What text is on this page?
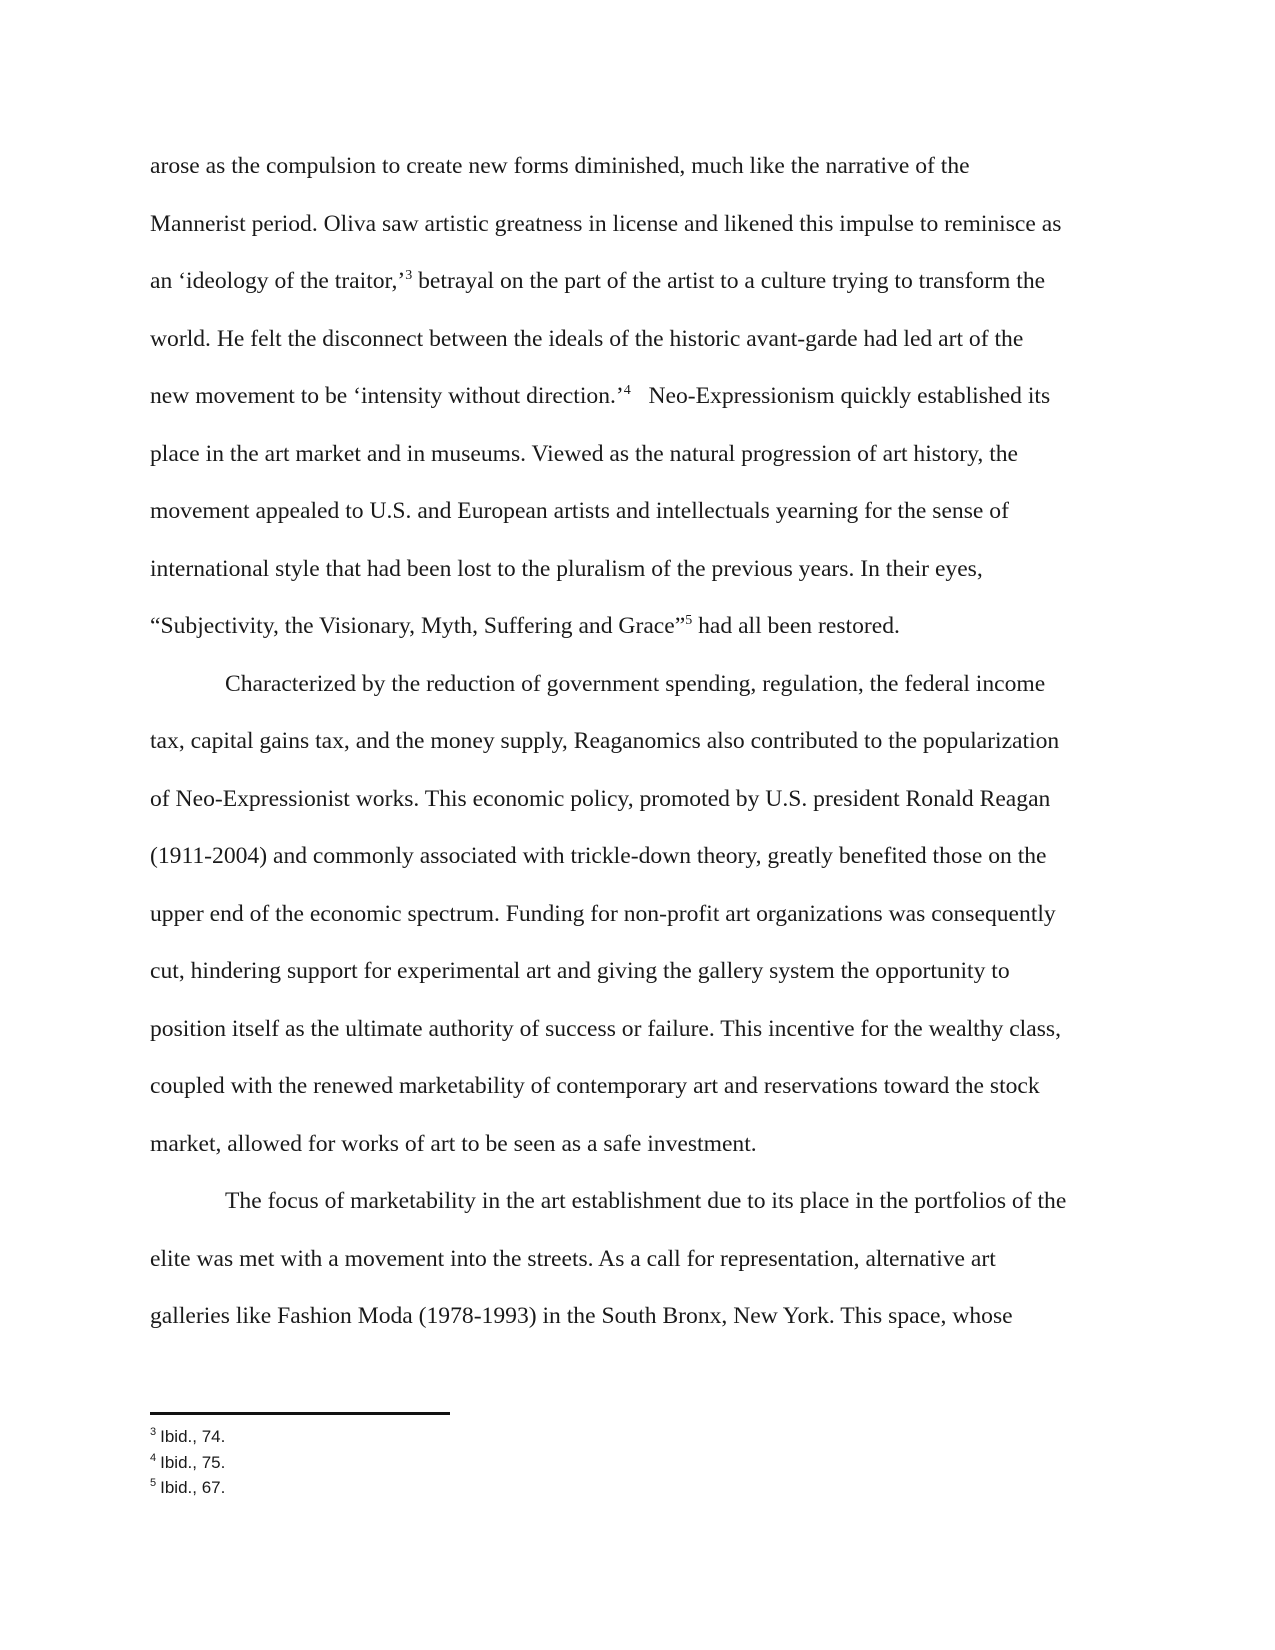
arose as the compulsion to create new forms diminished, much like the narrative of the
Mannerist period. Oliva saw artistic greatness in license and likened this impulse to reminisce as
an ‘ideology of the traitor,’$^3$ betrayal on the part of the artist to a culture trying to transform the
world. He felt the disconnect between the ideals of the historic avant-garde had led art of the
new movement to be ‘intensity without direction.’$^4$   Neo-Expressionism quickly established its
place in the art market and in museums. Viewed as the natural progression of art history, the
movement appealed to U.S. and European artists and intellectuals yearning for the sense of
international style that had been lost to the pluralism of the previous years. In their eyes,
“Subjectivity, the Visionary, Myth, Suffering and Grace”$^5$ had all been restored.
Characterized by the reduction of government spending, regulation, the federal income
tax, capital gains tax, and the money supply, Reaganomics also contributed to the popularization
of Neo-Expressionist works. This economic policy, promoted by U.S. president Ronald Reagan
(1911-2004) and commonly associated with trickle-down theory, greatly benefited those on the
upper end of the economic spectrum. Funding for non-profit art organizations was consequently
cut, hindering support for experimental art and giving the gallery system the opportunity to
position itself as the ultimate authority of success or failure. This incentive for the wealthy class,
coupled with the renewed marketability of contemporary art and reservations toward the stock
market, allowed for works of art to be seen as a safe investment.
The focus of marketability in the art establishment due to its place in the portfolios of the
elite was met with a movement into the streets. As a call for representation, alternative art
galleries like Fashion Moda (1978-1993) in the South Bronx, New York. This space, whose
$^3$ Ibid., 74.
$^4$ Ibid., 75.
$^5$ Ibid., 67.
